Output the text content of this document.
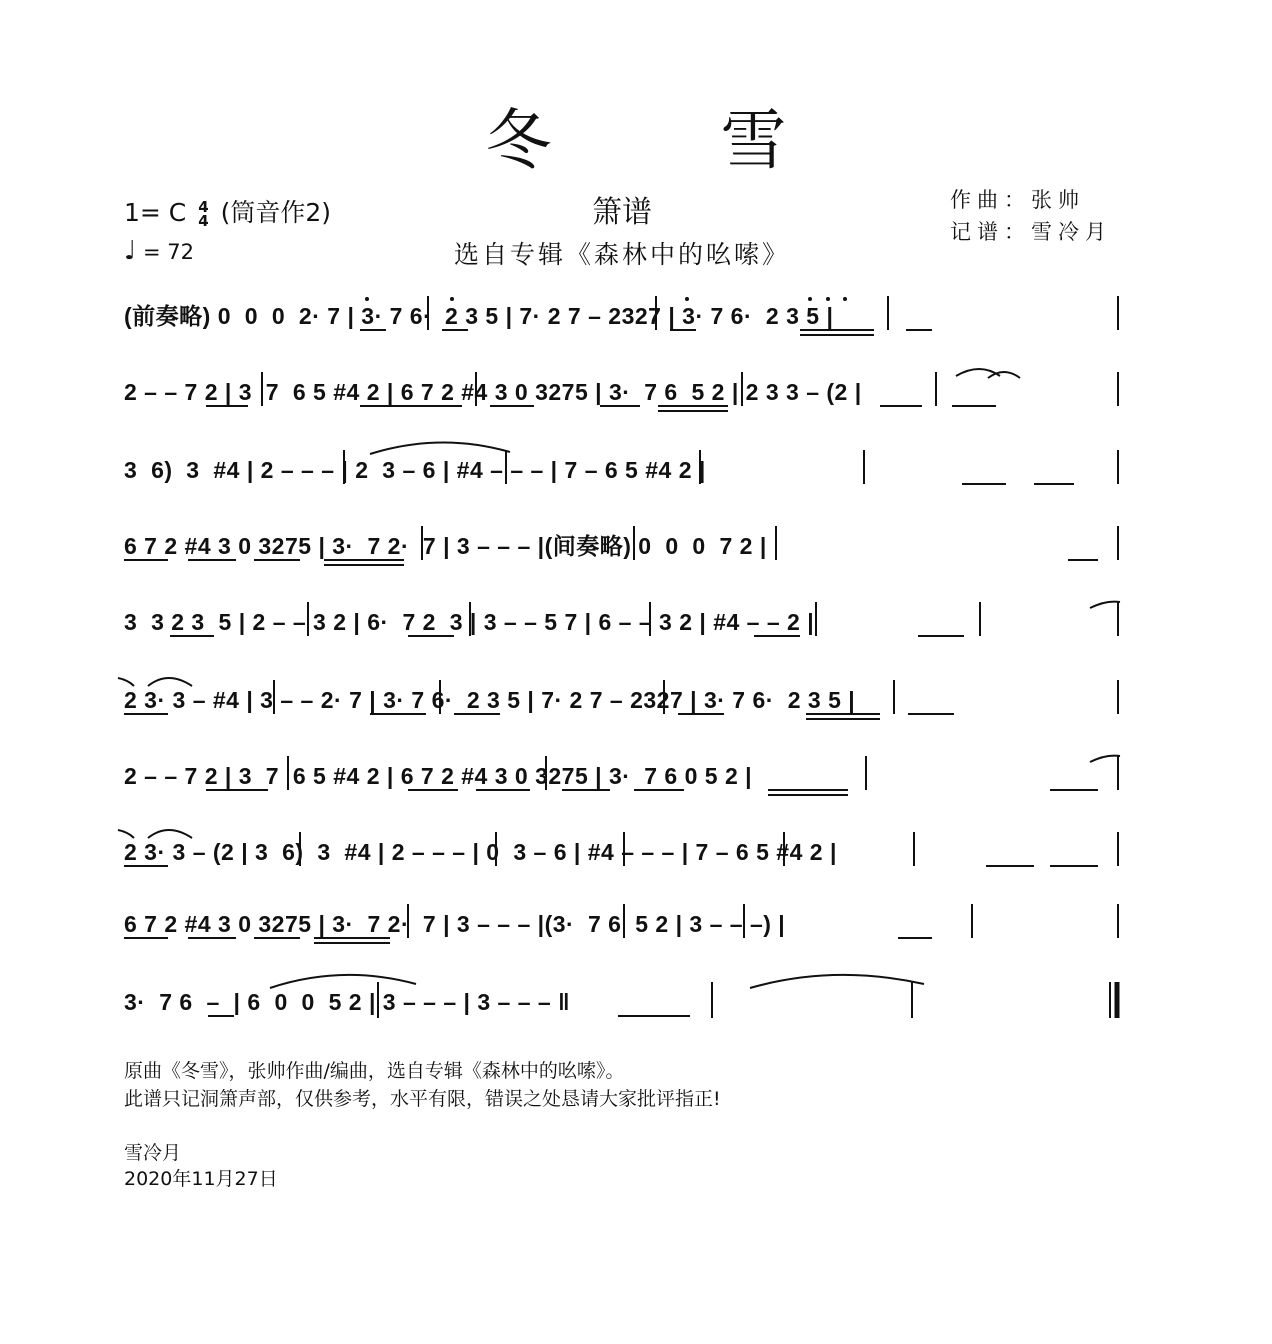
冬 雪
箫谱
选自专辑《森林中的吆嗦》
作曲：张帅
记谱：雪冷月
1= C 4
4 (筒音作2)
♩ = 72
(前奏略) 0  0  0  2· 7 | 3· 7 6·  2 3 5 | 7· 2 7 – 2327 | 3· 7 6·  2 3 5 |
2 – – 7 2 | 3  7  6 5 #4 2 | 6 7 2 #4 3 0 3275 | 3·  7 6  5 2 | 2 3 3 – (2 |
3  6)  3  #4 | 2 – – – | 2  3 – 6 | #4 – – – | 7 – 6 5 #4 2 |
6 7 2 #4 3 0 3275 | 3·  7 2·  7 | 3 – – – |(间奏略) 0  0  0  7 2 |
3  3 2 3  5 | 2 – – 3 2 | 6·  7 2  3 | 3 – – 5 7 | 6 – – 3 2 | #4 – – 2 |
2 3· 3 – #4 | 3 – – 2· 7 | 3· 7 6·  2 3 5 | 7· 2 7 – 2327 | 3· 7 6·  2 3 5 |
2 – – 7 2 | 3  7  6 5 #4 2 | 6 7 2 #4 3 0 3275 | 3·  7 6 0 5 2 |
2 3· 3 – (2 | 3  6)  3  #4 | 2 – – – | 0  3 – 6 | #4 – – – | 7 – 6 5 #4 2 |
6 7 2 #4 3 0 3275 | 3·  7 2·  7 | 3 – – – |(3·  7 6  5 2 | 3 – – –) |
3·  7 6  –  | 6  0  0  5 2 | 3 – – – | 3 – – – ‖
原曲《冬雪》，张帅作曲/编曲，选自专辑《森林中的吆嗦》。
此谱只记洞箫声部，仅供参考，水平有限，错误之处恳请大家批评指正!
雪冷月
2020年11月27日
